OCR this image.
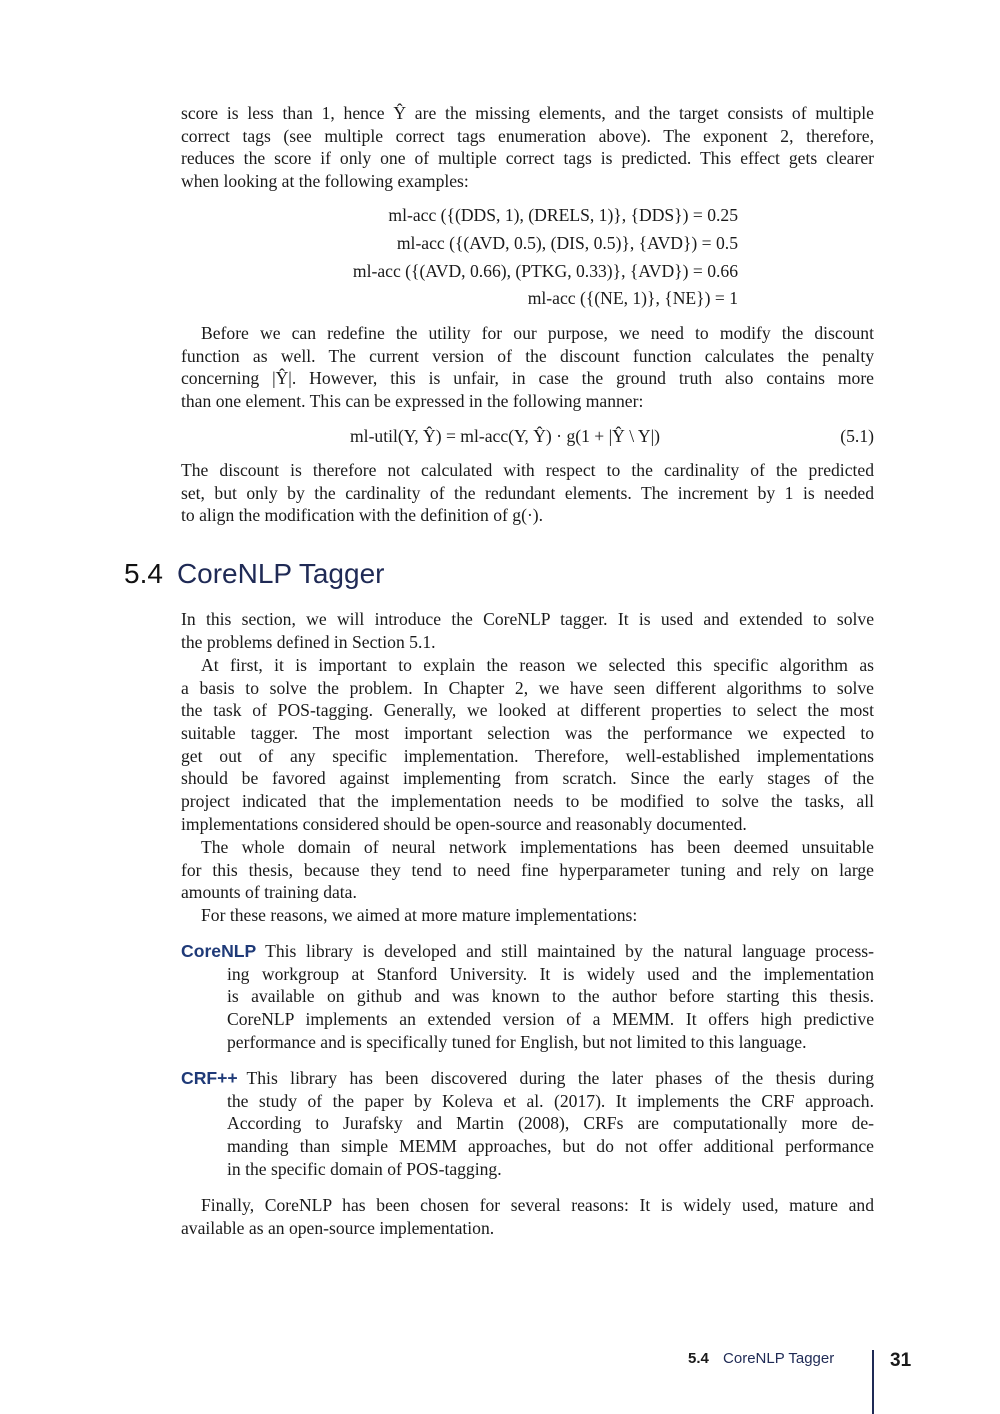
score is less than 1, hence Ŷ are the missing elements, and the target consists of multiple
correct tags (see multiple correct tags enumeration above). The exponent 2, therefore,
reduces the score if only one of multiple correct tags is predicted. This effect gets clearer
when looking at the following examples:
ml-acc ({(DDS, 1), (DRELS, 1)}, {DDS}) = 0.25
ml-acc ({(AVD, 0.5), (DIS, 0.5)}, {AVD}) = 0.5
ml-acc ({(AVD, 0.66), (PTKG, 0.33)}, {AVD}) = 0.66
ml-acc ({(NE, 1)}, {NE}) = 1
Before we can redefine the utility for our purpose, we need to modify the discount
function as well. The current version of the discount function calculates the penalty
concerning |Ŷ|. However, this is unfair, in case the ground truth also contains more
than one element. This can be expressed in the following manner:
ml-util(Y, Ŷ) = ml-acc(Y, Ŷ) · g(1 + |Ŷ \ Y|)	(5.1)
The discount is therefore not calculated with respect to the cardinality of the predicted
set, but only by the cardinality of the redundant elements. The increment by 1 is needed
to align the modification with the definition of g(·).
5.4 CoreNLP Tagger
In this section, we will introduce the CoreNLP tagger. It is used and extended to solve
the problems defined in Section 5.1.
At first, it is important to explain the reason we selected this specific algorithm as
a basis to solve the problem. In Chapter 2, we have seen different algorithms to solve
the task of POS-tagging. Generally, we looked at different properties to select the most
suitable tagger. The most important selection was the performance we expected to
get out of any specific implementation. Therefore, well-established implementations
should be favored against implementing from scratch. Since the early stages of the
project indicated that the implementation needs to be modified to solve the tasks, all
implementations considered should be open-source and reasonably documented.
The whole domain of neural network implementations has been deemed unsuitable
for this thesis, because they tend to need fine hyperparameter tuning and rely on large
amounts of training data.
For these reasons, we aimed at more mature implementations:
CoreNLP  This library is developed and still maintained by the natural language process-
ing workgroup at Stanford University. It is widely used and the implementation
is available on github and was known to the author before starting this thesis.
CoreNLP implements an extended version of a MEMM. It offers high predictive
performance and is specifically tuned for English, but not limited to this language.
CRF++  This library has been discovered during the later phases of the thesis during
the study of the paper by Koleva et al. (2017). It implements the CRF approach.
According to Jurafsky and Martin (2008), CRFs are computationally more de-
manding than simple MEMM approaches, but do not offer additional performance
in the specific domain of POS-tagging.
Finally, CoreNLP has been chosen for several reasons: It is widely used, mature and
available as an open-source implementation.
5.4 CoreNLP Tagger	31
